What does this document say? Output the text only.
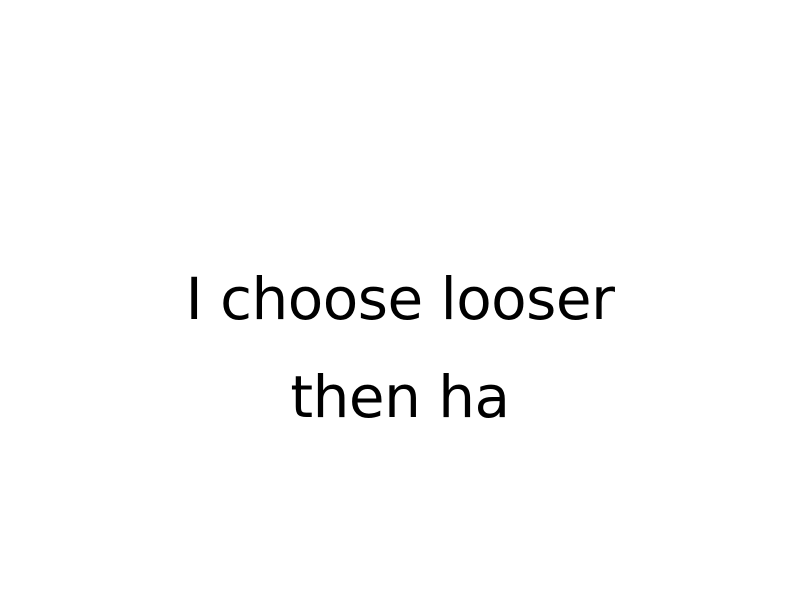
I choose looser
then ha
